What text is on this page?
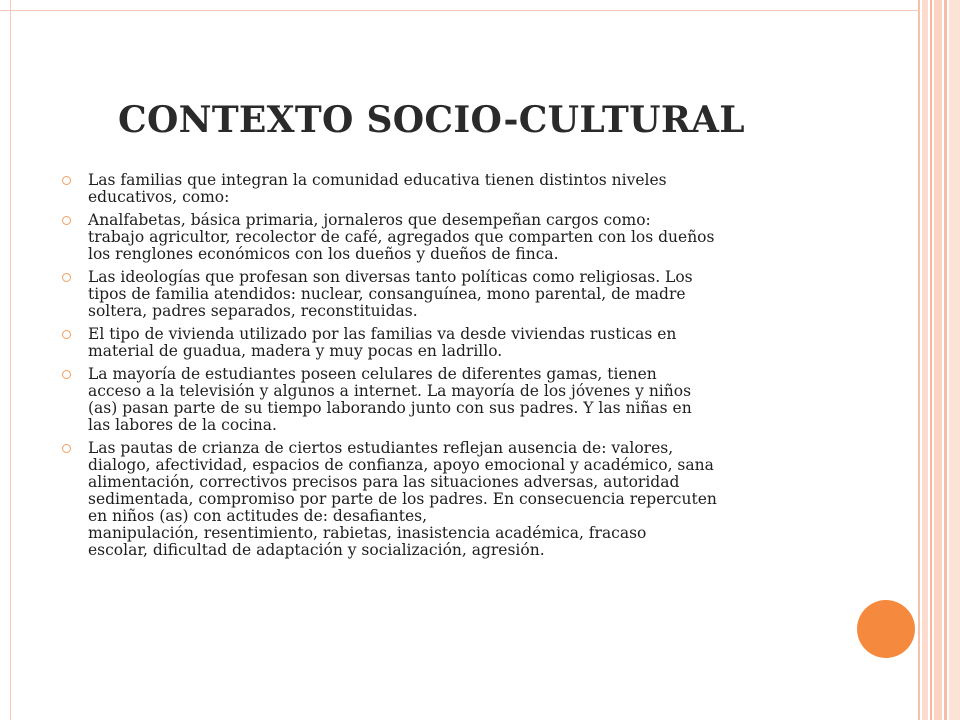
CONTEXTO SOCIO-CULTURAL
Las familias que integran la comunidad educativa tienen distintos niveles
educativos, como:
Analfabetas, básica primaria, jornaleros que desempeñan cargos como:
trabajo agricultor, recolector de café, agregados que comparten con los dueños
los renglones económicos con los dueños y dueños de finca.
Las ideologías que profesan son diversas tanto políticas como religiosas. Los
tipos de familia atendidos: nuclear, consanguínea, mono parental, de madre
soltera, padres separados, reconstituidas.
El tipo de vivienda utilizado por las familias va desde viviendas rusticas en
material de guadua, madera y muy pocas en ladrillo.
La mayoría de estudiantes poseen celulares de diferentes gamas, tienen
acceso a la televisión y algunos a internet. La mayoría de los jóvenes y niños
(as) pasan parte de su tiempo laborando junto con sus padres. Y las niñas en
las labores de la cocina.
Las pautas de crianza de ciertos estudiantes reflejan ausencia de: valores,
dialogo, afectividad, espacios de confianza, apoyo emocional y académico, sana
alimentación, correctivos precisos para las situaciones adversas, autoridad
sedimentada, compromiso por parte de los padres. En consecuencia repercuten
en niños (as) con actitudes de: desafiantes,
manipulación, resentimiento, rabietas, inasistencia académica, fracaso
escolar, dificultad de adaptación y socialización, agresión.
